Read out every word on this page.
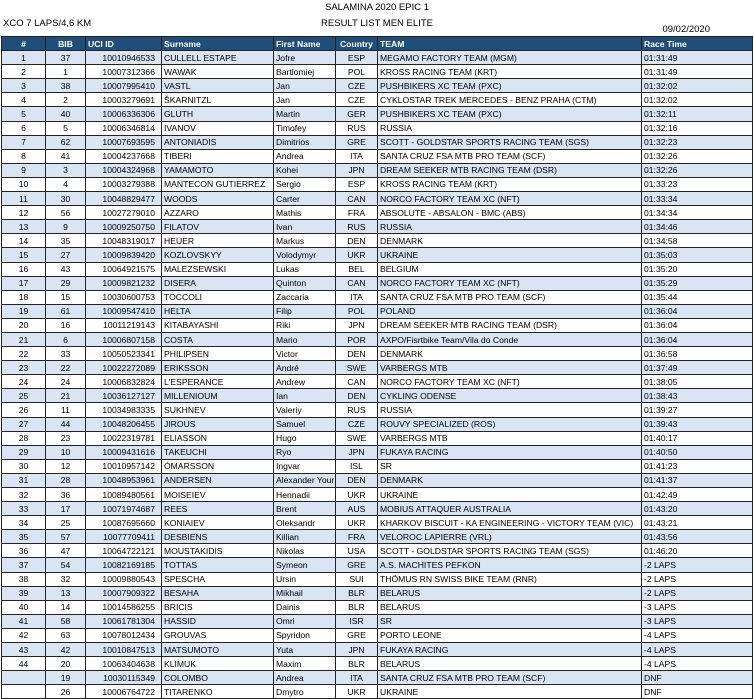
SALAMINA 2020 EPIC 1
XCO 7 LAPS/4,6 KM	RESULT LIST MEN ELITE
09/02/2020
#	BIB	UCI ID	Surname	First Name	Country	TEAM	Race Time
1	37	10010946533	CULLELL ESTAPE	Jofre	ESP	MEGAMO FACTORY TEAM (MGM)	01:31:49
2	1	10007312366	WAWAK	Bartlomiej	POL	KROSS RACING TEAM (KRT)	01:31:49
3	38	10007995410	VASTL	Jan	CZE	PUSHBIKERS XC TEAM (PXC)	01:32:02
4	2	10003279691	ŠKARNITZL	Jan	CZE	CYKLOSTAR TREK MERCEDES - BENZ PRAHA (CTM)	01:32:02
5	40	10006336306	GLUTH	Martin	GER	PUSHBIKERS XC TEAM (PXC)	01:32:11
6	5	10006346814	IVANOV	Timofey	RUS	RUSSIA	01:32:16
7	62	10007693595	ANTONIADIS	Dimitrios	GRE	SCOTT - GOLDSTAR SPORTS RACING TEAM (SGS)	01:32:23
8	41	10004237668	TIBERI	Andrea	ITA	SANTA CRUZ FSA MTB PRO TEAM (SCF)	01:32:26
9	3	10004324968	YAMAMOTO	Kohei	JPN	DREAM SEEKER MTB RACING TEAM (DSR)	01:32:26
10	4	10003279388	MANTECON GUTIERREZ	Sergio	ESP	KROSS RACING TEAM (KRT)	01:33:23
11	30	10048829477	WOODS	Carter	CAN	NORCO FACTORY TEAM XC (NFT)	01:33:34
12	56	10027279010	AZZARO	Mathis	FRA	ABSOLUTE - ABSALON - BMC (ABS)	01:34:34
13	9	10009250750	FILATOV	Ivan	RUS	RUSSIA	01:34:46
14	35	10048319017	HEUER	Markus	DEN	DENMARK	01:34:58
15	27	10009839420	KOZLOVSKYY	Volodymyr	UKR	UKRAINE	01:35:03
16	43	10064921575	MALEZSEWSKI	Lukas	BEL	BELGIUM	01:35:20
17	29	10009821232	DISERA	Quinton	CAN	NORCO FACTORY TEAM XC (NFT)	01:35:29
18	15	10030600753	TOCCOLI	Zaccaria	ITA	SANTA CRUZ FSA MTB PRO TEAM (SCF)	01:35:44
19	61	10009547410	HELTA	Filip	POL	POLAND	01:36:04
20	16	10011219143	KITABAYASHI	Riki	JPN	DREAM SEEKER MTB RACING TEAM (DSR)	01:36:04
21	6	10006807158	COSTA	Mario	POR	AXPO/Fisrtbike Team/Vila do Conde	01:36:04
22	33	10050523341	PHILIPSEN	Victor	DEN	DENMARK	01:36:58
23	22	10022272089	ERIKSSON	André	SWE	VARBERGS MTB	01:37:49
24	24	10006832824	L'ESPERANCE	Andrew	CAN	NORCO FACTORY TEAM XC (NFT)	01:38:05
25	21	10036127127	MILLENIOUM	Ian	DEN	CYKLING ODENSE	01:38:43
26	11	10034983335	SUKHNEV	Valeriy	RUS	RUSSIA	01:39:27
27	44	10048206455	JIROUS	Samuel	CZE	ROUVY SPECIALIZED (ROS)	01:39:43
28	23	10022319781	ELIASSON	Hugo	SWE	VARBERGS MTB	01:40:17
29	10	10009431616	TAKEUCHI	Ryo	JPN	FUKAYA RACING	01:40:50
30	12	10010957142	ÓMARSSON	Ingvar	ISL	SR	01:41:23
31	28	10048953961	ANDERSEN	Alexander Your	DEN	DENMARK	01:41:37
32	36	10089480561	MOISEIEV	Hennadii	UKR	UKRAINE	01:42:49
33	17	10071974687	REES	Brent	AUS	MOBIUS ATTAQUER AUSTRALIA	01:43:20
34	25	10087695660	KONIAIEV	Oleksandr	UKR	KHARKOV BISCUIT - KA ENGINEERING - VICTORY TEAM (VIC)	01:43:21
35	57	10077709411	DESBIENS	Killian	FRA	VELOROC LAPIERRE (VRL)	01:43:56
36	47	10064722121	MOUSTAKIDIS	Nikolas	USA	SCOTT - GOLDSTAR SPORTS RACING TEAM (SGS)	01:46:20
37	54	10082169185	TOTTAS	Symeon	GRE	A.S. MACHITES PEFKON	-2 LAPS
38	32	10009880543	SPESCHA	Ursin	SUI	THÖMUS RN SWISS BIKE TEAM (RNR)	-2 LAPS
39	13	10007909322	BESAHA	Mikhail	BLR	BELARUS	-2 LAPS
40	14	10014586255	BRICIS	Dainis	BLR	BELARUS	-3 LAPS
41	58	10061781304	HASSID	Omri	ISR	SR	-3 LAPS
42	63	10078012434	GROUVAS	Spyridon	GRE	PORTO LEONE	-4 LAPS
43	42	10010847513	MATSUMOTO	Yuta	JPN	FUKAYA RACING	-4 LAPS
44	20	10063404638	KLIMUK	Maxim	BLR	BELARUS	-4 LAPS
	19	10030115349	COLOMBO	Andrea	ITA	SANTA CRUZ FSA MTB PRO TEAM (SCF)	DNF
	26	10006764722	TITARENKO	Dmytro	UKR	UKRAINE	DNF
